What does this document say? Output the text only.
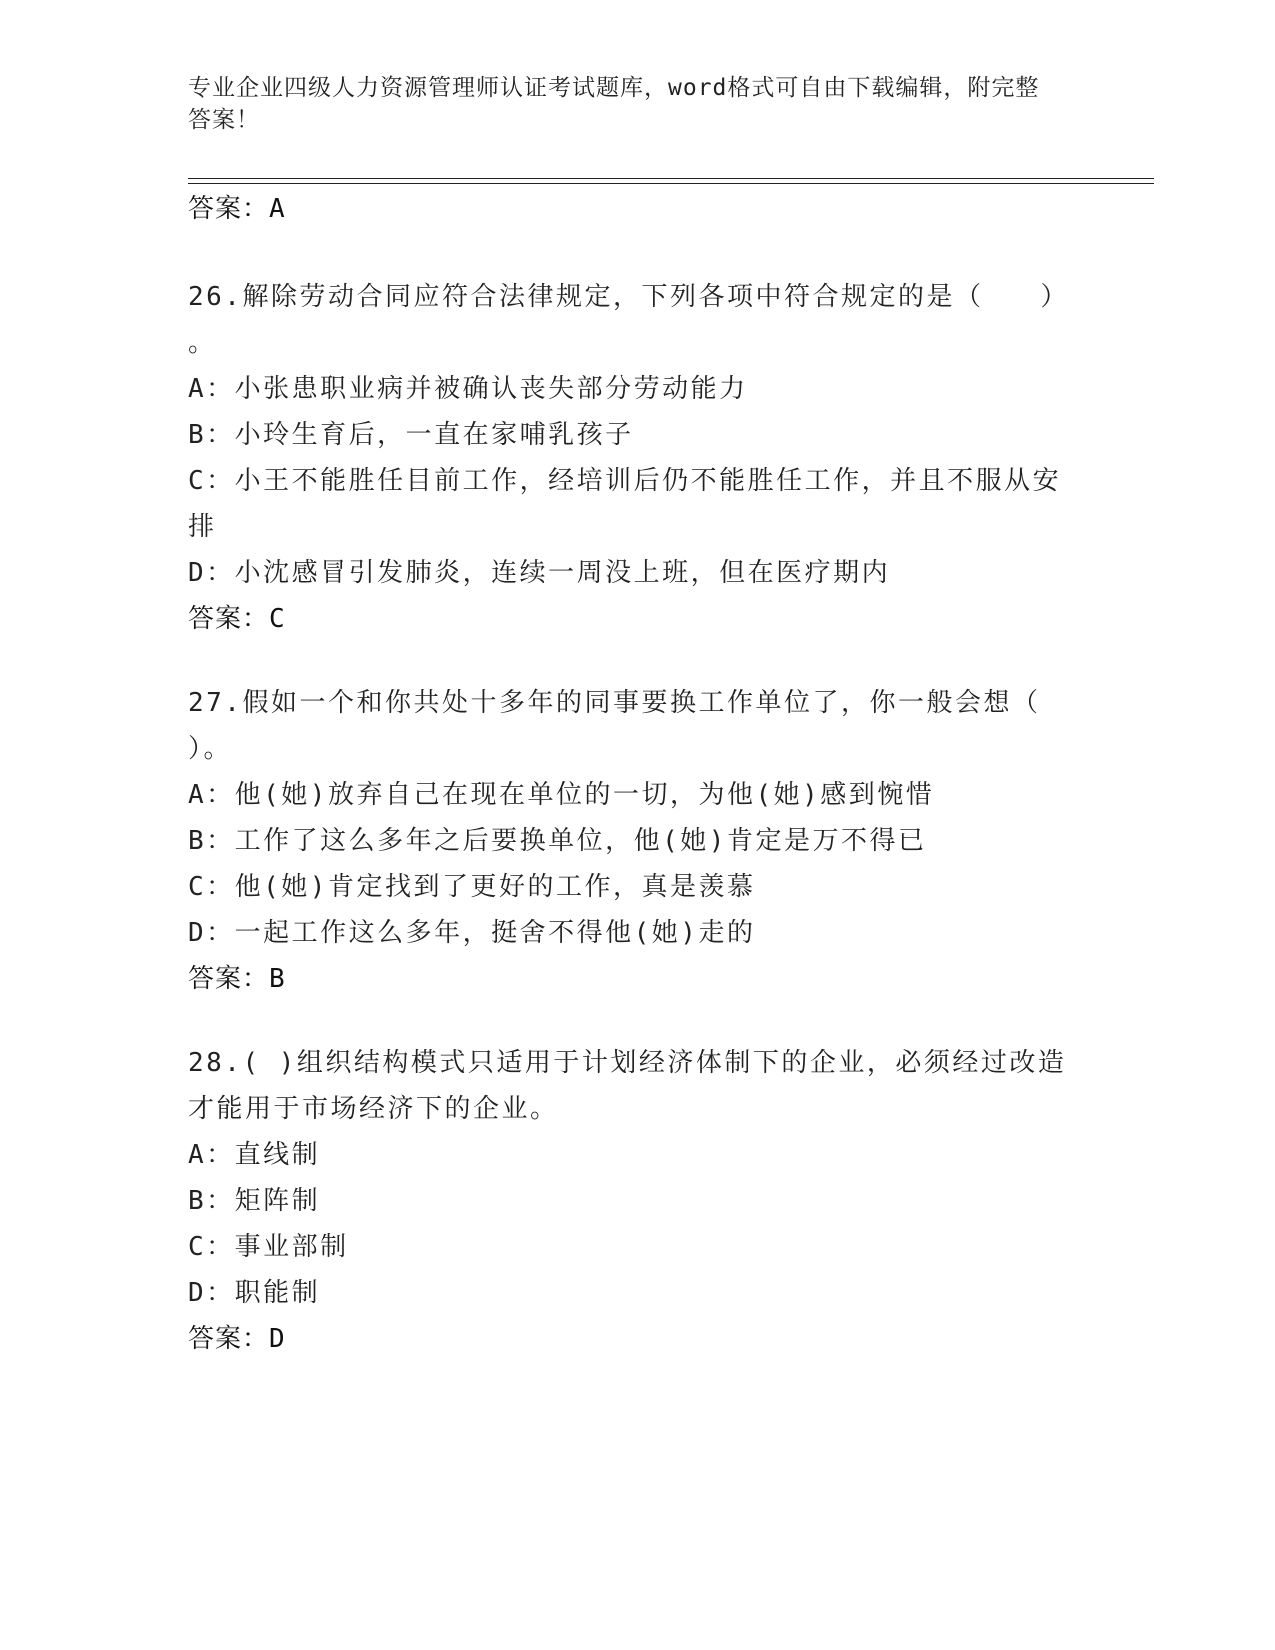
专业企业四级人力资源管理师认证考试题库，word格式可自由下载编辑，附完整
答案！
答案：A
26.解除劳动合同应符合法律规定，下列各项中符合规定的是（　　）
。
A：小张患职业病并被确认丧失部分劳动能力
B：小玲生育后，一直在家哺乳孩子
C：小王不能胜任目前工作，经培训后仍不能胜任工作，并且不服从安
排
D：小沈感冒引发肺炎，连续一周没上班，但在医疗期内
答案：C
27.假如一个和你共处十多年的同事要换工作单位了，你一般会想（
）。
A：他(她)放弃自己在现在单位的一切，为他(她)感到惋惜
B：工作了这么多年之后要换单位，他(她)肯定是万不得已
C：他(她)肯定找到了更好的工作，真是羡慕
D：一起工作这么多年，挺舍不得他(她)走的
答案：B
28.( )组织结构模式只适用于计划经济体制下的企业，必须经过改造
才能用于市场经济下的企业。
A：直线制
B：矩阵制
C：事业部制
D：职能制
答案：D
